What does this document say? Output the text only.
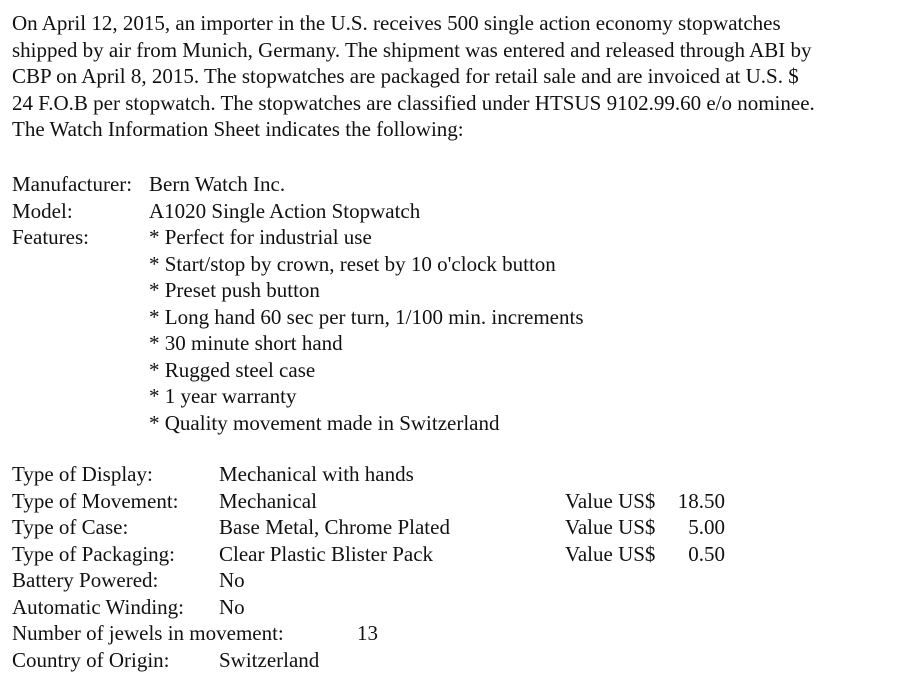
On April 12, 2015, an importer in the U.S. receives 500 single action economy stopwatches
shipped by air from Munich, Germany. The shipment was entered and released through ABI by
CBP on April 8, 2015. The stopwatches are packaged for retail sale and are invoiced at U.S. $
24 F.O.B per stopwatch. The stopwatches are classified under HTSUS 9102.99.60 e/o nominee.
The Watch Information Sheet indicates the following:
Manufacturer: Bern Watch Inc.
Model:	A1020 Single Action Stopwatch
Features:	* Perfect for industrial use
* Start/stop by crown, reset by 10 o'clock button
* Preset push button
* Long hand 60 sec per turn, 1/100 min. increments
* 30 minute short hand
* Rugged steel case
* 1 year warranty
* Quality movement made in Switzerland
Type of Display:	Mechanical with hands
Type of Movement: Mechanical	Value US$ 18.50
Type of Case:	Base Metal, Chrome Plated	Value US$ 5.00
Type of Packaging: Clear Plastic Blister Pack	Value US$ 0.50
Battery Powered:	No
Automatic Winding: No
Number of jewels in movement:	13
Country of Origin: Switzerland
